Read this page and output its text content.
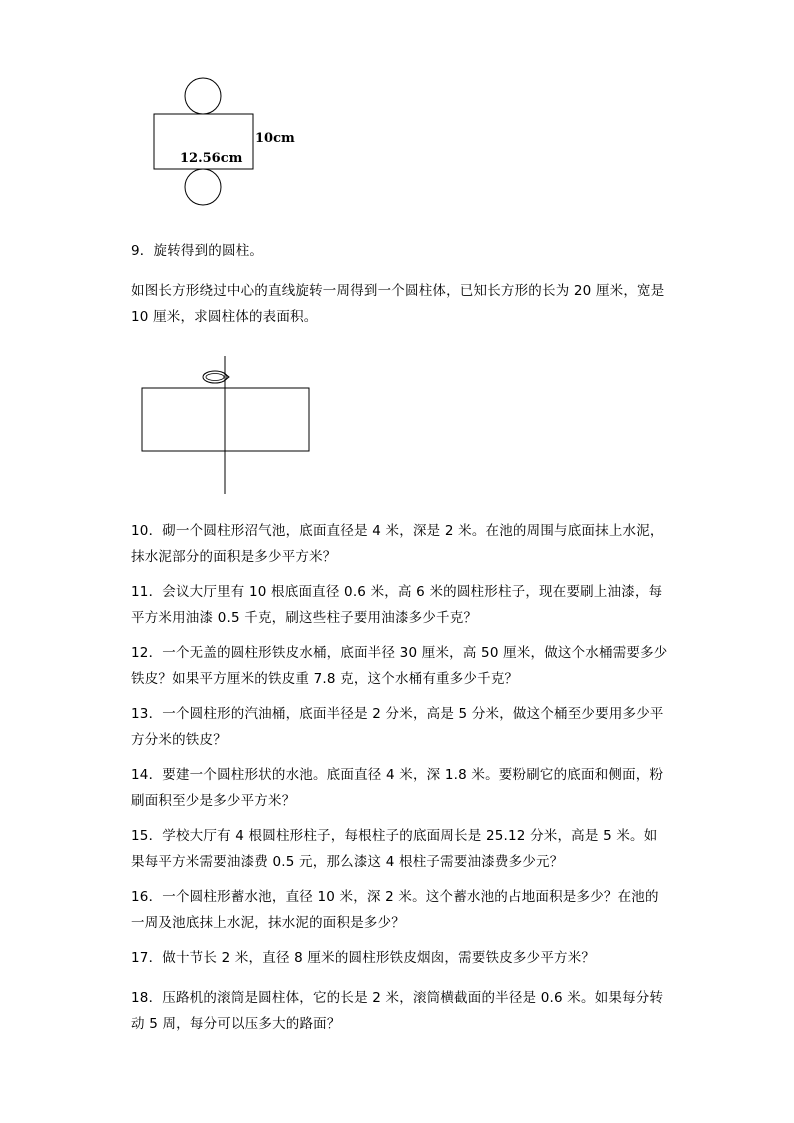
10cm
12.56cm
9．旋转得到的圆柱。
如图长方形绕过中心的直线旋转一周得到一个圆柱体，已知长方形的长为 20 厘米，宽是 10 厘米，求圆柱体的表面积。
10．砌一个圆柱形沼气池，底面直径是 4 米，深是 2 米。在池的周围与底面抹上水泥，抹水泥部分的面积是多少平方米？
11．会议大厅里有 10 根底面直径 0.6 米，高 6 米的圆柱形柱子，现在要刷上油漆，每平方米用油漆 0.5 千克，刷这些柱子要用油漆多少千克？
12．一个无盖的圆柱形铁皮水桶，底面半径 30 厘米，高 50 厘米，做这个水桶需要多少铁皮？如果平方厘米的铁皮重 7.8 克，这个水桶有重多少千克？
13．一个圆柱形的汽油桶，底面半径是 2 分米，高是 5 分米，做这个桶至少要用多少平方分米的铁皮？
14．要建一个圆柱形状的水池。底面直径 4 米，深 1.8 米。要粉刷它的底面和侧面，粉刷面积至少是多少平方米？
15．学校大厅有 4 根圆柱形柱子，每根柱子的底面周长是 25.12 分米，高是 5 米。如果每平方米需要油漆费 0.5 元，那么漆这 4 根柱子需要油漆费多少元？
16．一个圆柱形蓄水池，直径 10 米，深 2 米。这个蓄水池的占地面积是多少？在池的一周及池底抹上水泥，抹水泥的面积是多少？
17．做十节长 2 米，直径 8 厘米的圆柱形铁皮烟囱，需要铁皮多少平方米？
18．压路机的滚筒是圆柱体，它的长是 2 米，滚筒横截面的半径是 0.6 米。如果每分转动 5 周，每分可以压多大的路面？
